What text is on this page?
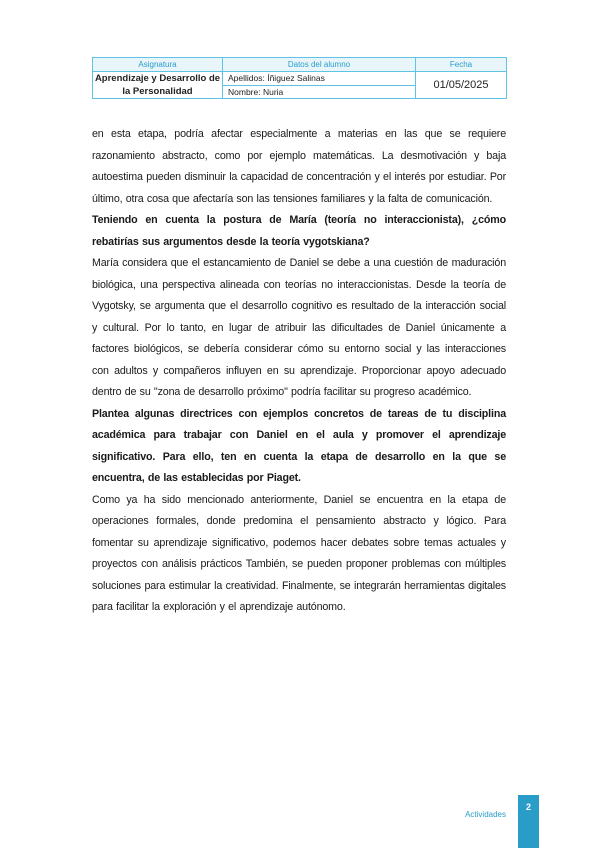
Asignatura	Datos del alumno	Fecha
Aprendizaje y Desarrollo de la Personalidad	Apellidos: Íñiguez Salinas	01/05/2025
	Nombre: Nuria	

en esta etapa, podría afectar especialmente a materias en las que se requiere razonamiento abstracto, como por ejemplo matemáticas. La desmotivación y baja autoestima pueden disminuir la capacidad de concentración y el interés por estudiar. Por último, otra cosa que afectaría son las tensiones familiares y la falta de comunicación.

Teniendo en cuenta la postura de María (teoría no interaccionista), ¿cómo rebatirías sus argumentos desde la teoría vygotskiana?

María considera que el estancamiento de Daniel se debe a una cuestión de maduración biológica, una perspectiva alineada con teorías no interaccionistas. Desde la teoría de Vygotsky, se argumenta que el desarrollo cognitivo es resultado de la interacción social y cultural. Por lo tanto, en lugar de atribuir las dificultades de Daniel únicamente a factores biológicos, se debería considerar cómo su entorno social y las interacciones con adultos y compañeros influyen en su aprendizaje. Proporcionar apoyo adecuado dentro de su "zona de desarrollo próximo" podría facilitar su progreso académico.

Plantea algunas directrices con ejemplos concretos de tareas de tu disciplina académica para trabajar con Daniel en el aula y promover el aprendizaje significativo. Para ello, ten en cuenta la etapa de desarrollo en la que se encuentra, de las establecidas por Piaget.

Como ya ha sido mencionado anteriormente, Daniel se encuentra en la etapa de operaciones formales, donde predomina el pensamiento abstracto y lógico. Para fomentar su aprendizaje significativo, podemos hacer debates sobre temas actuales y proyectos con análisis prácticos También, se pueden proponer problemas con múltiples soluciones para estimular la creatividad. Finalmente, se integrarán herramientas digitales para facilitar la exploración y el aprendizaje autónomo.

Actividades
2
